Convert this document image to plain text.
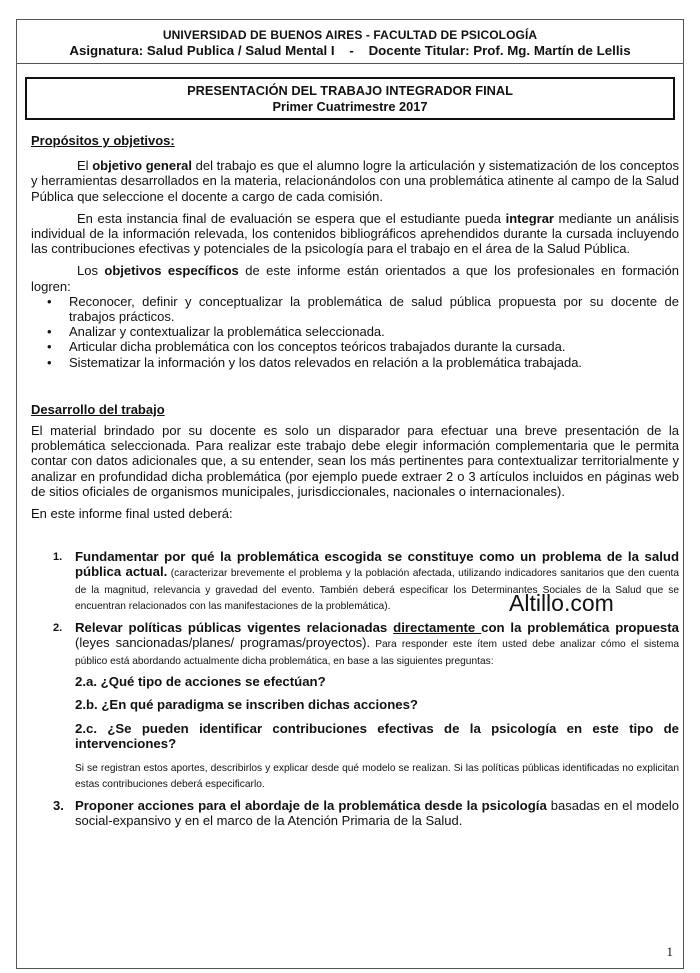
UNIVERSIDAD DE BUENOS AIRES - FACULTAD DE PSICOLOGÍA
Asignatura: Salud Publica / Salud Mental I    -    Docente Titular: Prof. Mg. Martín de Lellis
PRESENTACIÓN DEL TRABAJO INTEGRADOR FINAL
Primer Cuatrimestre 2017
Propósitos y objetivos:

El objetivo general del trabajo es que el alumno logre la articulación y sistematización de los conceptos y herramientas desarrollados en la materia, relacionándolos con una problemática atinente al campo de la Salud Pública que seleccione el docente a cargo de cada comisión.

En esta instancia final de evaluación se espera que el estudiante pueda integrar mediante un análisis individual de la información relevada, los contenidos bibliográficos aprehendidos durante la cursada incluyendo las contribuciones efectivas y potenciales de la psicología para el trabajo en el área de la Salud Pública.

Los objetivos específicos de este informe están orientados a que los profesionales en formación logren:

• Reconocer, definir y conceptualizar la problemática de salud pública propuesta por su docente de trabajos prácticos.
• Analizar y contextualizar la problemática seleccionada.
• Articular dicha problemática con los conceptos teóricos trabajados durante la cursada.
• Sistematizar la información y los datos relevados en relación a la problemática trabajada.
Desarrollo del trabajo

El material brindado por su docente es solo un disparador para efectuar una breve presentación de la problemática seleccionada. Para realizar este trabajo debe elegir información complementaria que le permita contar con datos adicionales que, a su entender, sean los más pertinentes para contextualizar territorialmente y analizar en profundidad dicha problemática (por ejemplo puede extraer 2 o 3 artículos incluidos en páginas web de sitios oficiales de organismos municipales, jurisdiccionales, nacionales o internacionales).

En este informe final usted deberá:

1. Fundamentar por qué la problemática escogida se constituye como un problema de la salud pública actual. (caracterizar brevemente el problema y la población afectada, utilizando indicadores sanitarios que den cuenta de la magnitud, relevancia y gravedad del evento. También deberá especificar los Determinantes Sociales de la Salud que se encuentran relacionados con las manifestaciones de la problemática).

2. Relevar políticas públicas vigentes relacionadas directamente con la problemática propuesta (leyes sancionadas/planes/ programas/proyectos). Para responder este ítem usted debe analizar cómo el sistema público está abordando actualmente dicha problemática, en base a las siguientes preguntas:

2.a. ¿Qué tipo de acciones se efectúan?
2.b. ¿En qué paradigma se inscriben dichas acciones?

2.c. ¿Se pueden identificar contribuciones efectivas de la psicología en este tipo de intervenciones?
Si se registran estos aportes, describirlos y explicar desde qué modelo se realizan. Si las políticas públicas identificadas no explicitan estas contribuciones deberá especificarlo.

3. Proponer acciones para el abordaje de la problemática desde la psicología basadas en el modelo social-expansivo y en el marco de la Atención Primaria de la Salud.

Altillo.com
1
